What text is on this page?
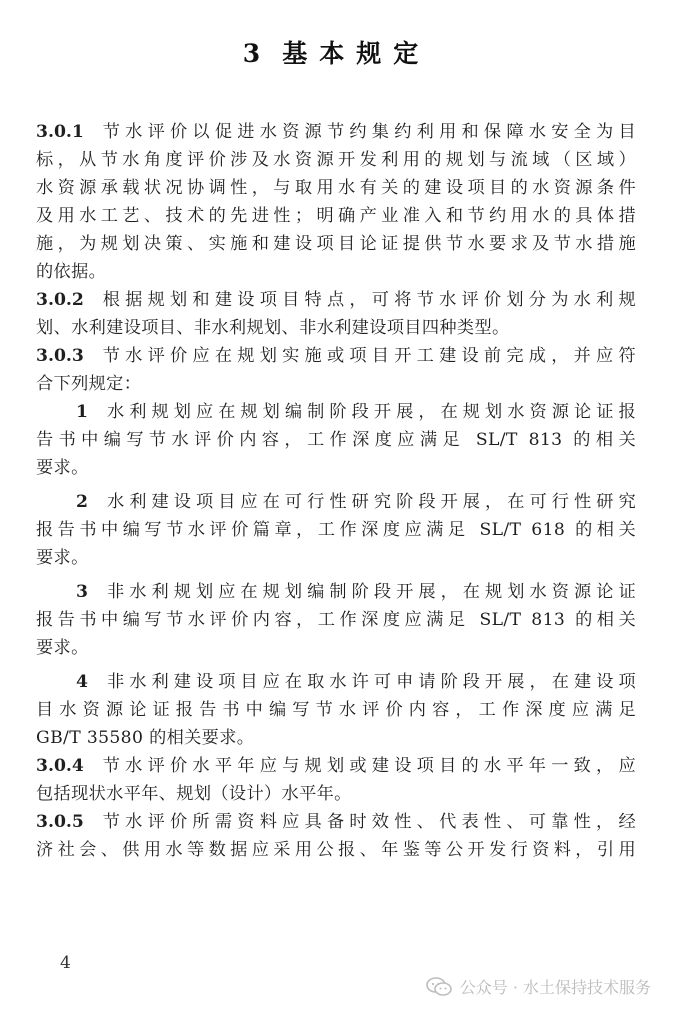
3 基本规定
3.0.1 节水评价以促进水资源节约集约利用和保障水安全为目
标，从节水角度评价涉及水资源开发利用的规划与流域（区域）
水资源承载状况协调性，与取用水有关的建设项目的水资源条件
及用水工艺、技术的先进性；明确产业准入和节约用水的具体措
施，为规划决策、实施和建设项目论证提供节水要求及节水措施
的依据。
3.0.2 根据规划和建设项目特点，可将节水评价划分为水利规
划、水利建设项目、非水利规划、非水利建设项目四种类型。
3.0.3 节水评价应在规划实施或项目开工建设前完成，并应符
合下列规定：
1 水利规划应在规划编制阶段开展，在规划水资源论证报
告书中编写节水评价内容，工作深度应满足 SL/T 813 的相关
要求。
2 水利建设项目应在可行性研究阶段开展，在可行性研究
报告书中编写节水评价篇章，工作深度应满足 SL/T 618 的相关
要求。
3 非水利规划应在规划编制阶段开展，在规划水资源论证
报告书中编写节水评价内容，工作深度应满足 SL/T 813 的相关
要求。
4 非水利建设项目应在取水许可申请阶段开展，在建设项
目水资源论证报告书中编写节水评价内容，工作深度应满足
GB/T 35580 的相关要求。
3.0.4 节水评价水平年应与规划或建设项目的水平年一致，应
包括现状水平年、规划（设计）水平年。
3.0.5 节水评价所需资料应具备时效性、代表性、可靠性，经
济社会、供用水等数据应采用公报、年鉴等公开发行资料，引用
4
公众号 · 水土保持技术服务
